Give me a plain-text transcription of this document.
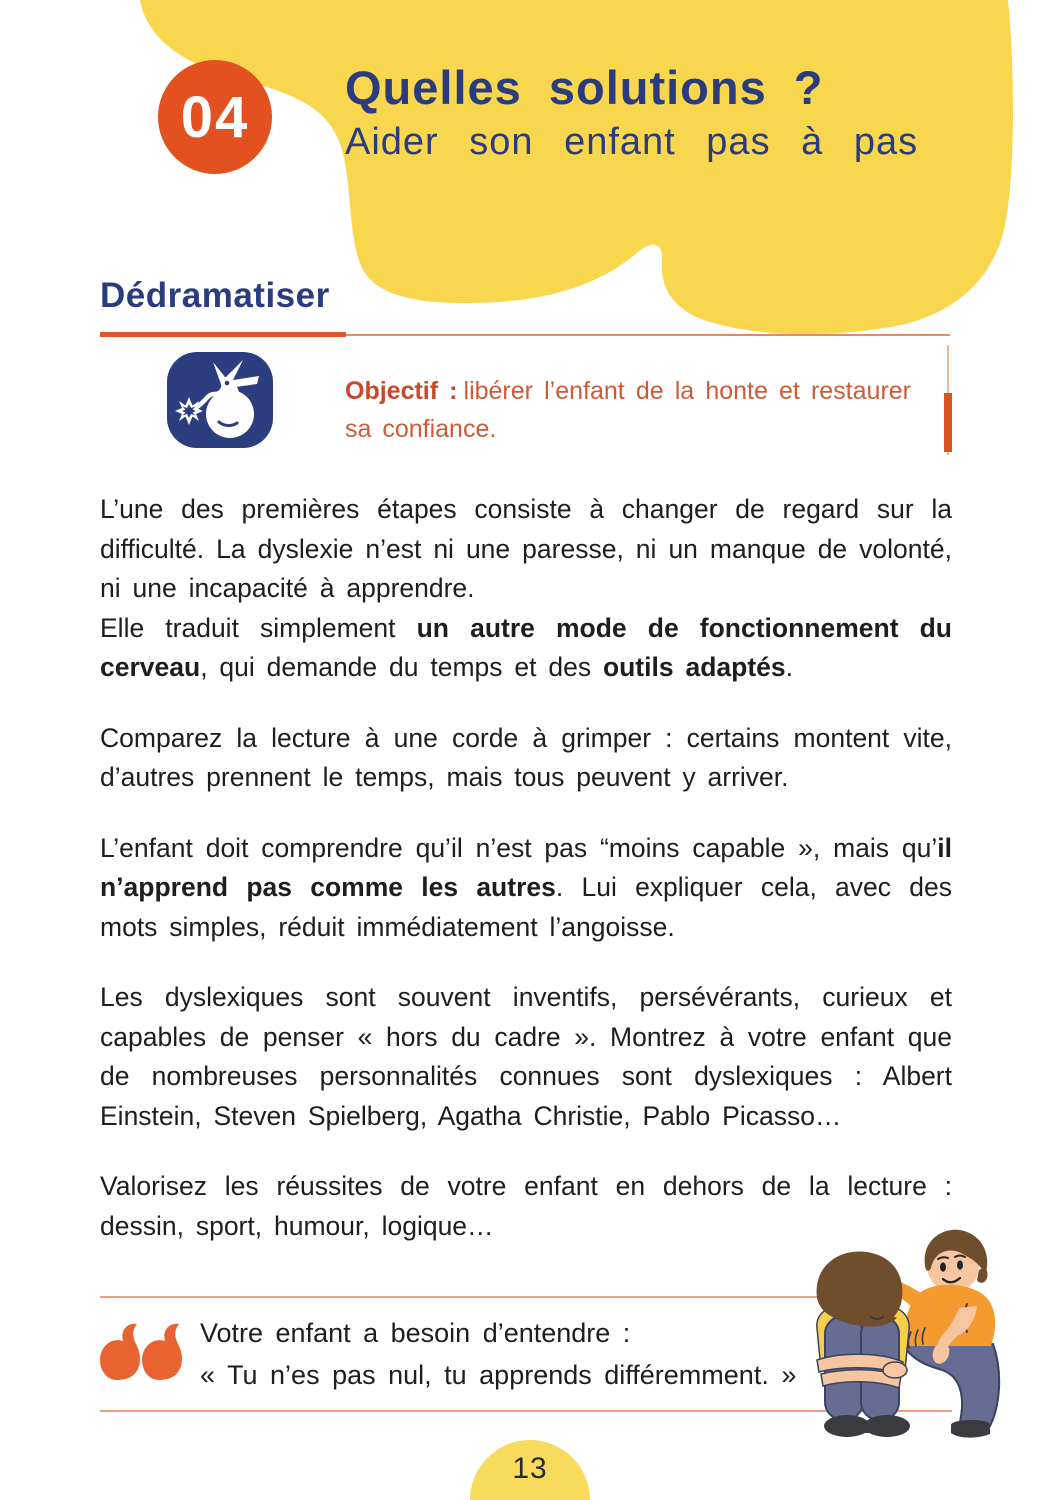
04 Quelles solutions ?
Aider son enfant pas à pas
Dédramatiser
Objectif : libérer l’enfant de la honte et restaurer sa confiance.

L’une des premières étapes consiste à changer de regard sur la difficulté. La dyslexie n’est ni une paresse, ni un manque de volonté, ni une incapacité à apprendre.
Elle traduit simplement un autre mode de fonctionnement du cerveau, qui demande du temps et des outils adaptés.

Comparez la lecture à une corde à grimper : certains montent vite, d’autres prennent le temps, mais tous peuvent y arriver.

L’enfant doit comprendre qu’il n’est pas “moins capable », mais qu’il n’apprend pas comme les autres. Lui expliquer cela, avec des mots simples, réduit immédiatement l’angoisse.

Les dyslexiques sont souvent inventifs, persévérants, curieux et capables de penser « hors du cadre ». Montrez à votre enfant que de nombreuses personnalités connues sont dyslexiques : Albert Einstein, Steven Spielberg, Agatha Christie, Pablo Picasso…

Valorisez les réussites de votre enfant en dehors de la lecture : dessin, sport, humour, logique…

Votre enfant a besoin d’entendre :
« Tu n’es pas nul, tu apprends différemment. »
13
